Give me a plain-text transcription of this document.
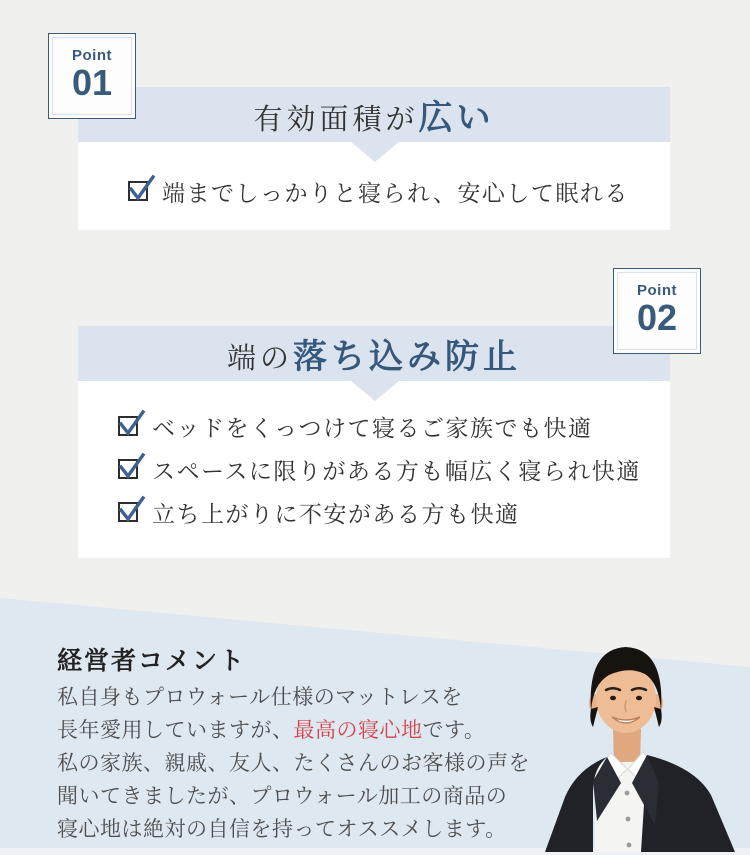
有効面積が広い
Point
01
端までしっかりと寝られ、安心して眠れる
端の落ち込み防止
Point
02
ベッドをくっつけて寝るご家族でも快適
スペースに限りがある方も幅広く寝られ快適
立ち上がりに不安がある方も快適
経営者コメント

私自身もプロウォール仕様のマットレスを

長年愛用していますが、最高の寝心地です。

私の家族、親戚、友人、たくさんのお客様の声を

聞いてきましたが、プロウォール加工の商品の

寝心地は絶対の自信を持ってオススメします。
